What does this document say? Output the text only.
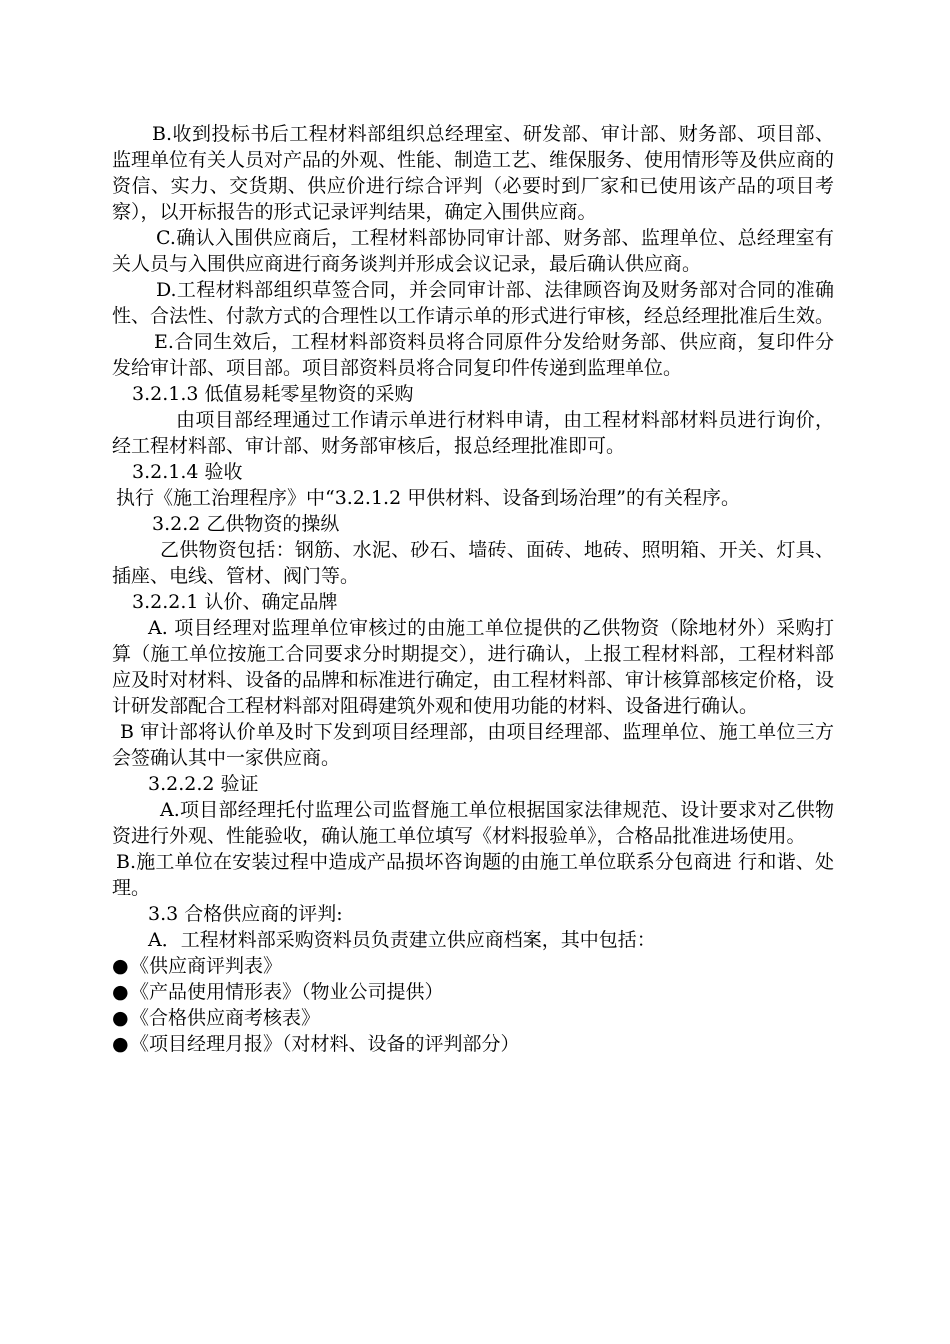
B.收到投标书后工程材料部组织总经理室、研发部、审计部、财务部、项目部、监理单位有关人员对产品的外观、性能、制造工艺、维保服务、使用情形等及供应商的资信、实力、交货期、供应价进行综合评判（必要时到厂家和已使用该产品的项目考察），以开标报告的形式记录评判结果，确定入围供应商。

C.确认入围供应商后，工程材料部协同审计部、财务部、监理单位、总经理室有关人员与入围供应商进行商务谈判并形成会议记录，最后确认供应商。

D.工程材料部组织草签合同，并会同审计部、法律顾咨询及财务部对合同的准确性、合法性、付款方式的合理性以工作请示单的形式进行审核，经总经理批准后生效。

E.合同生效后，工程材料部资料员将合同原件分发给财务部、供应商，复印件分发给审计部、项目部。项目部资料员将合同复印件传递到监理单位。

3.2.1.3 低值易耗零星物资的采购

由项目部经理通过工作请示单进行材料申请，由工程材料部材料员进行询价，经工程材料部、审计部、财务部审核后，报总经理批准即可。

3.2.1.4 验收

执行《施工治理程序》中“3.2.1.2 甲供材料、设备到场治理”的有关程序。

3.2.2 乙供物资的操纵

乙供物资包括：钢筋、水泥、砂石、墙砖、面砖、地砖、照明箱、开关、灯具、插座、电线、管材、阀门等。

3.2.2.1 认价、确定品牌

A. 项目经理对监理单位审核过的由施工单位提供的乙供物资（除地材外）采购打算（施工单位按施工合同要求分时期提交），进行确认，上报工程材料部，工程材料部应及时对材料、设备的品牌和标准进行确定，由工程材料部、审计核算部核定价格，设计研发部配合工程材料部对阻碍建筑外观和使用功能的材料、设备进行确认。

B 审计部将认价单及时下发到项目经理部，由项目经理部、监理单位、施工单位三方会签确认其中一家供应商。

3.2.2.2 验证

A.项目部经理托付监理公司监督施工单位根据国家法律规范、设计要求对乙供物资进行外观、性能验收，确认施工单位填写《材料报验单》，合格品批准进场使用。

B.施工单位在安装过程中造成产品损坏咨询题的由施工单位联系分包商进 行和谐、处理。

3.3 合格供应商的评判:

A．工程材料部采购资料员负责建立供应商档案，其中包括：

● 《供应商评判表》
● 《产品使用情形表》（物业公司提供）
● 《合格供应商考核表》
● 《项目经理月报》（对材料、设备的评判部分）
